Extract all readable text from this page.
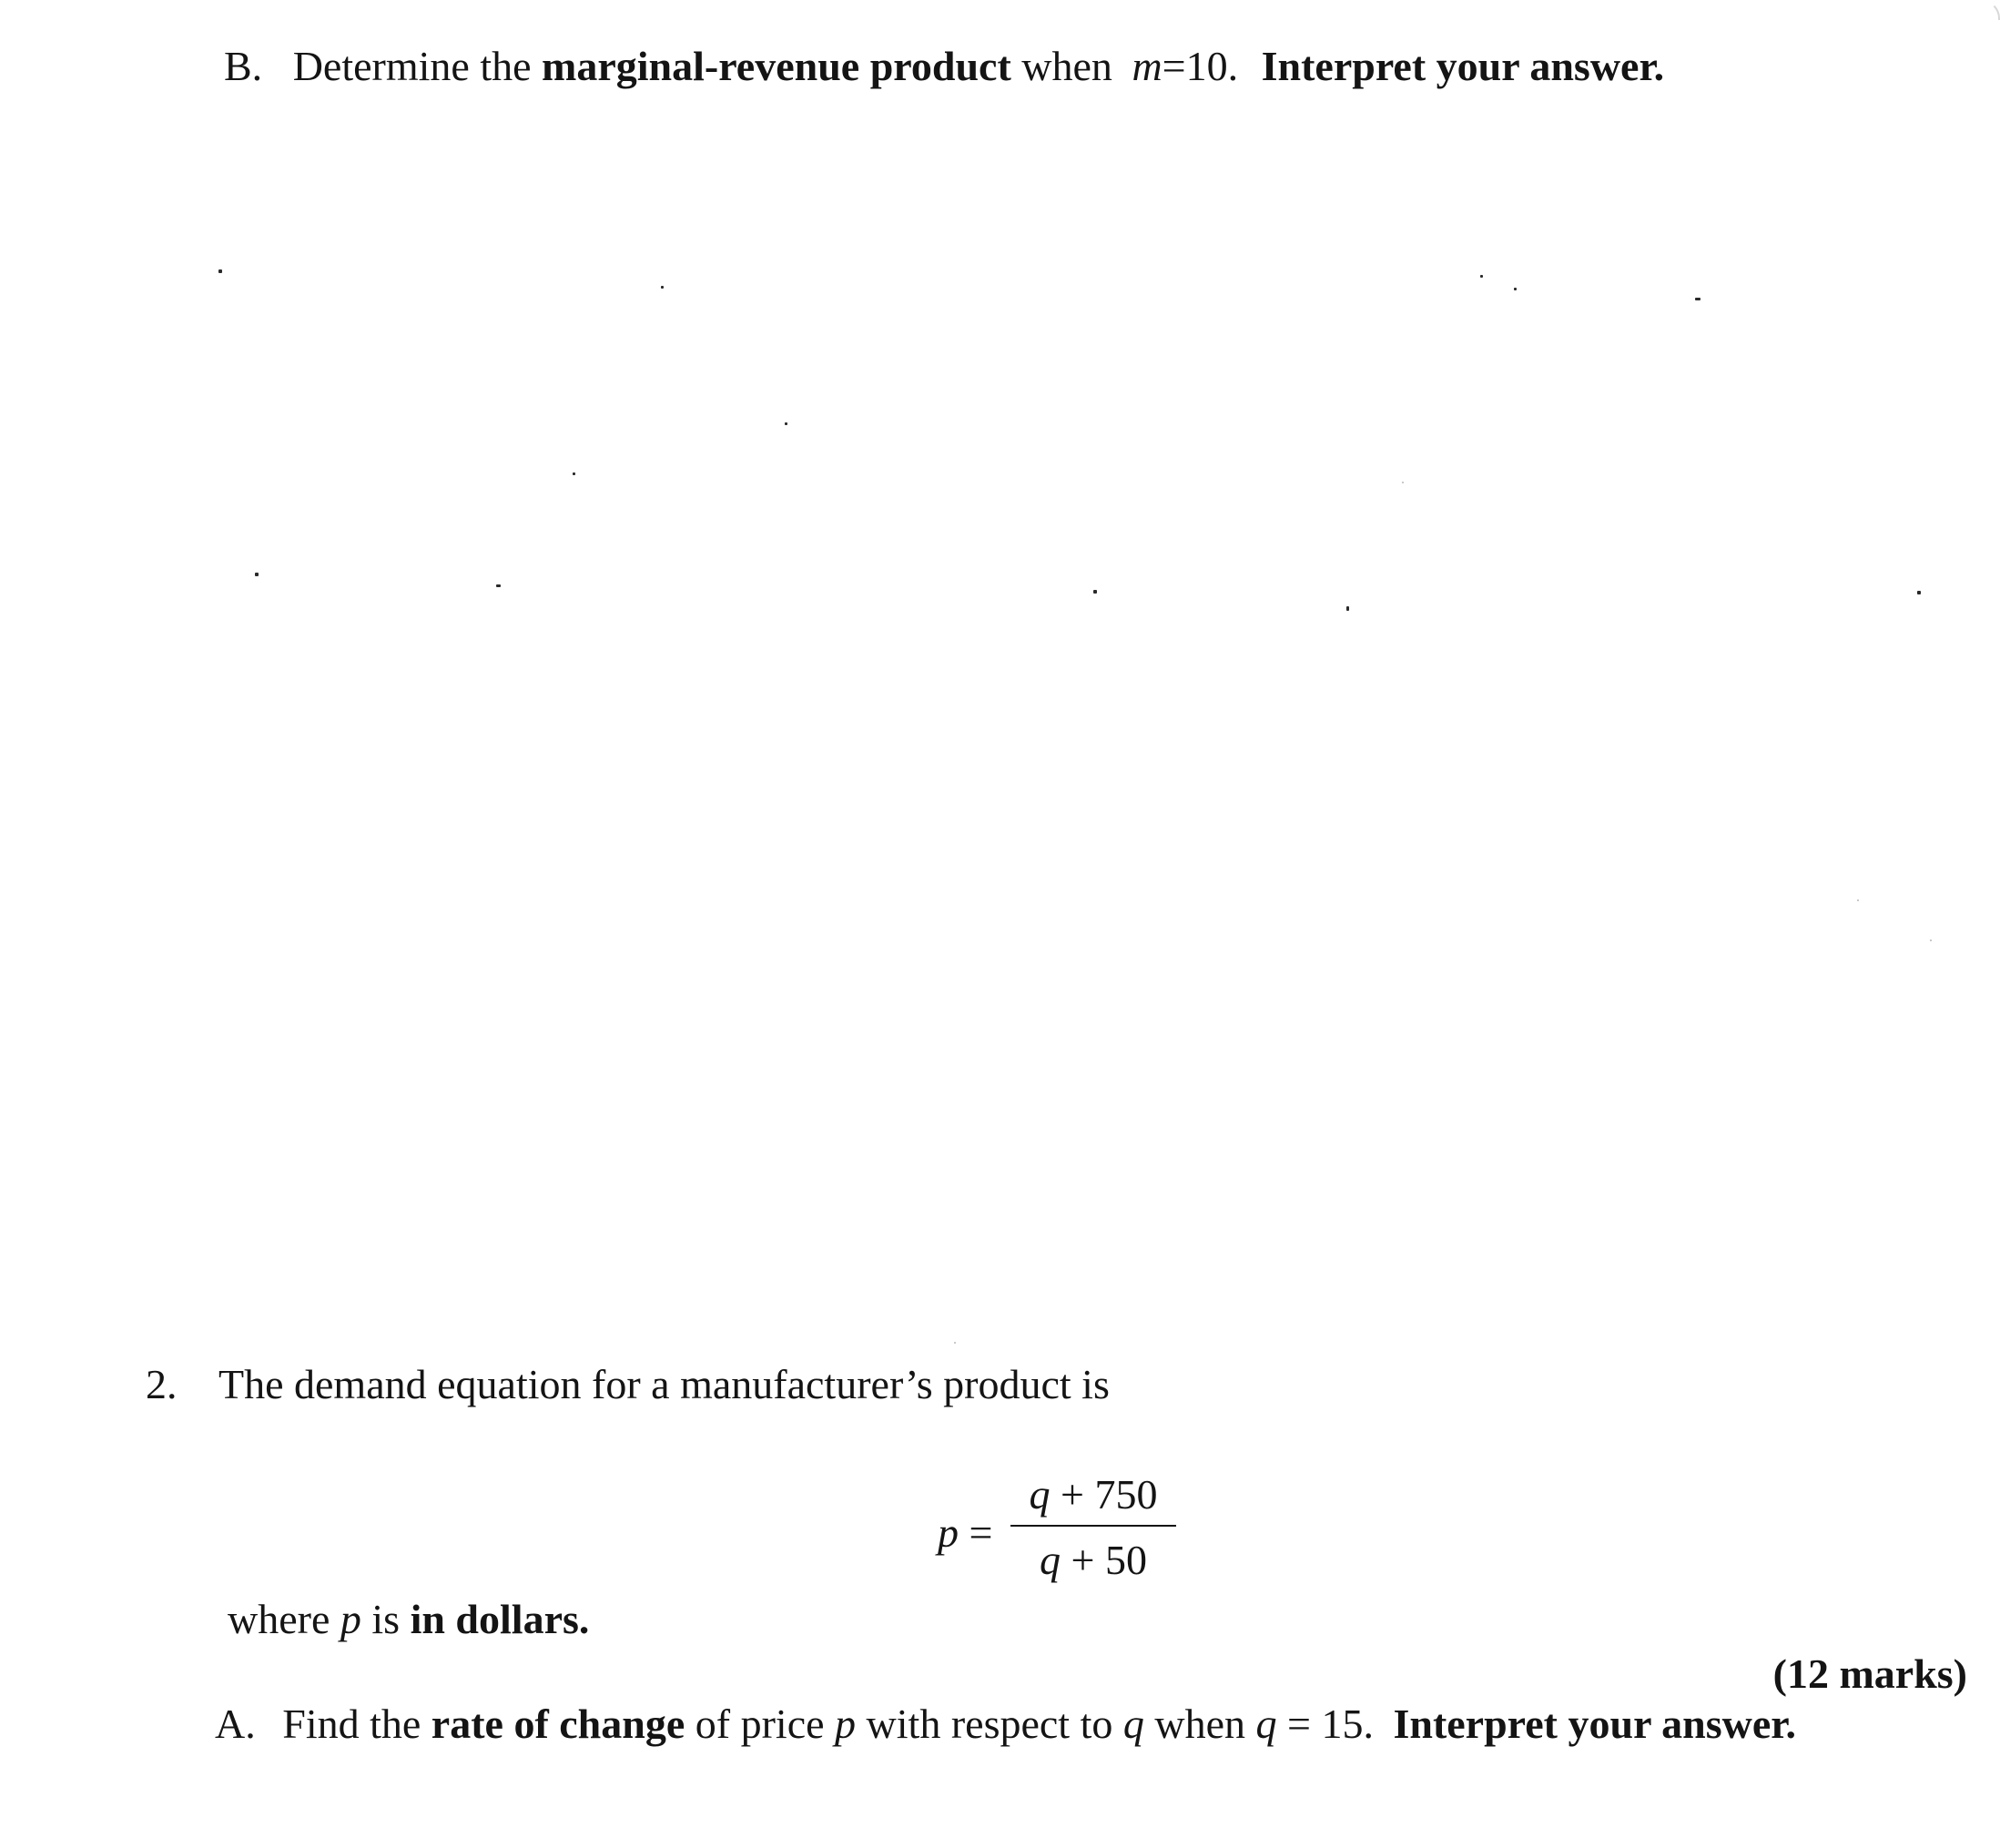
B. Determine the marginal-revenue product when m=10. Interpret your answer.
2. The demand equation for a manufacturer’s product is
p =
q + 750
q + 50
where p is in dollars.
(12 marks)
A. Find the rate of change of price p with respect to q when q = 15. Interpret your answer.
